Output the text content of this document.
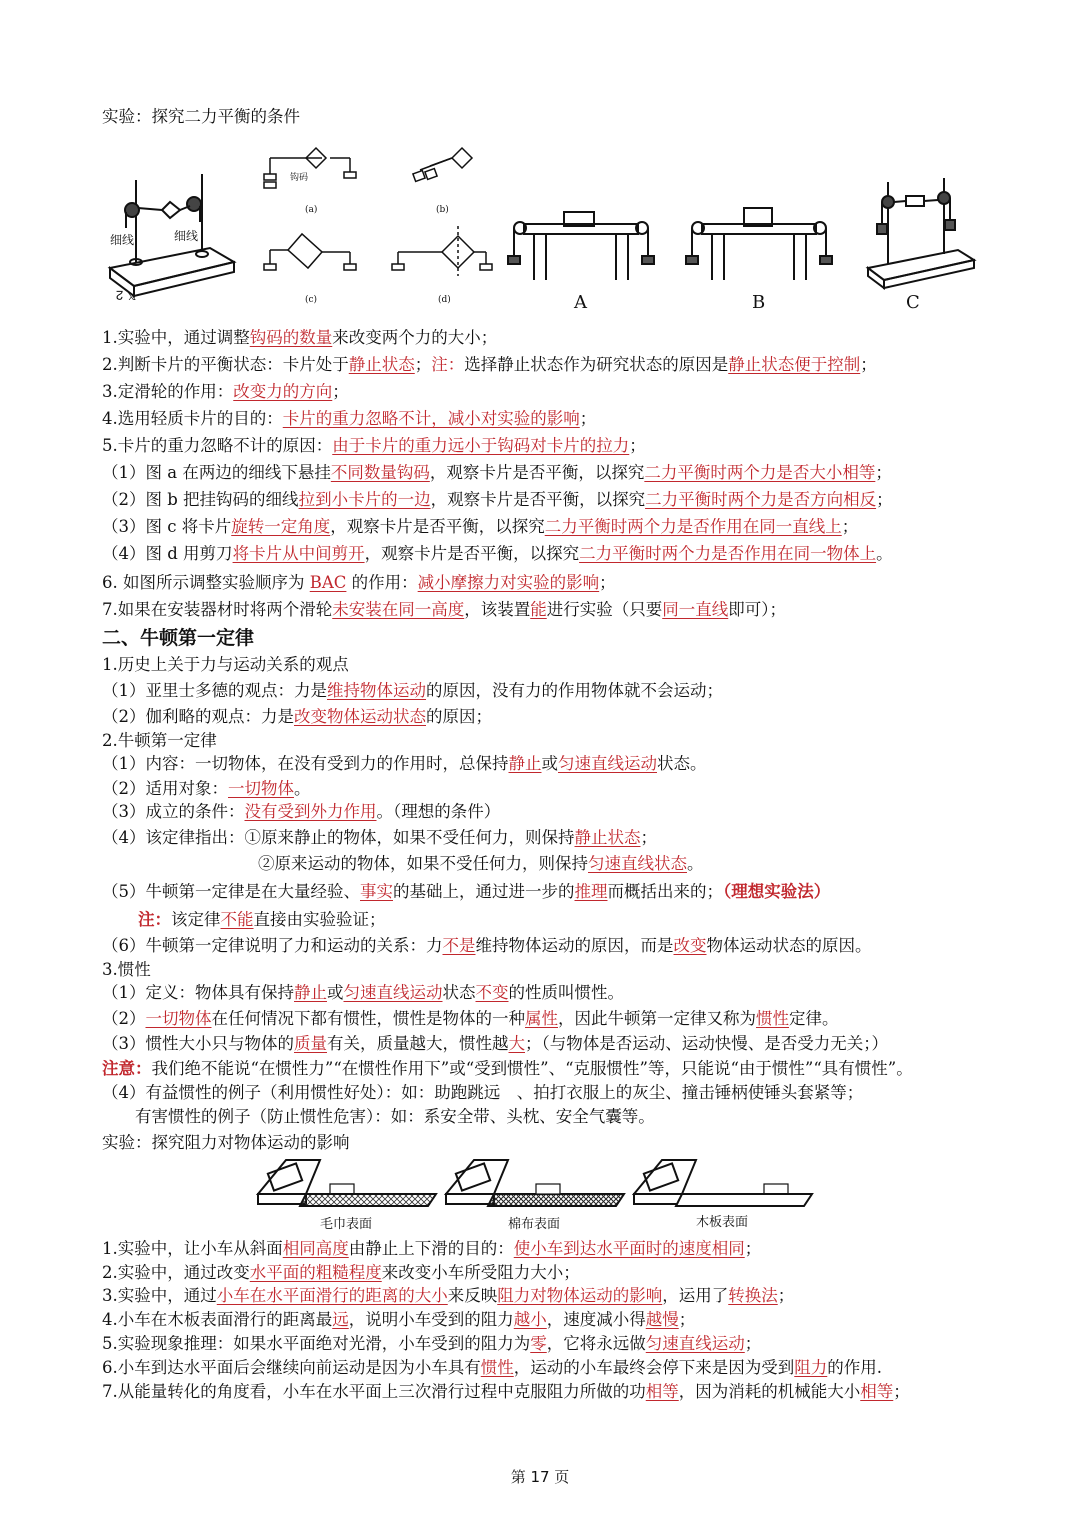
实验：探究二力平衡的条件
细线	细线
↊ 𝕩
钩码
(a)	(b)
(c)	(d)	A	B	C
1.实验中，通过调整钩码的数量来改变两个力的大小；
2.判断卡片的平衡状态：卡片处于静止状态；注：选择静止状态作为研究状态的原因是静止状态便于控制；
3.定滑轮的作用：改变力的方向；
4.选用轻质卡片的目的：卡片的重力忽略不计，减小对实验的影响；
5.卡片的重力忽略不计的原因：由于卡片的重力远小于钩码对卡片的拉力；
（1）图 a 在两边的细线下悬挂不同数量钩码，观察卡片是否平衡，以探究二力平衡时两个力是否大小相等；
（2）图 b 把挂钩码的细线拉到小卡片的一边，观察卡片是否平衡，以探究二力平衡时两个力是否方向相反；
（3）图 c 将卡片旋转一定角度，观察卡片是否平衡，以探究二力平衡时两个力是否作用在同一直线上；
（4）图 d 用剪刀将卡片从中间剪开，观察卡片是否平衡，以探究二力平衡时两个力是否作用在同一物体上。
6. 如图所示调整实验顺序为 BAC 的作用：减小摩擦力对实验的影响；
7.如果在安装器材时将两个滑轮未安装在同一高度，该装置能进行实验（只要同一直线即可）；
二、牛顿第一定律
1.历史上关于力与运动关系的观点
（1）亚里士多德的观点：力是维持物体运动的原因，没有力的作用物体就不会运动；
（2）伽利略的观点：力是改变物体运动状态的原因；
2.牛顿第一定律
（1）内容：一切物体，在没有受到力的作用时，总保持静止或匀速直线运动状态。
（2）适用对象：一切物体。
（3）成立的条件：没有受到外力作用。（理想的条件）
（4）该定律指出：①原来静止的物体，如果不受任何力，则保持静止状态；
②原来运动的物体，如果不受任何力，则保持匀速直线状态。
（5）牛顿第一定律是在大量经验、事实的基础上，通过进一步的推理而概括出来的；（理想实验法）
注：该定律不能直接由实验验证；
（6）牛顿第一定律说明了力和运动的关系：力不是维持物体运动的原因，而是改变物体运动状态的原因。
3.惯性
（1）定义：物体具有保持静止或匀速直线运动状态不变的性质叫惯性。
（2）一切物体在任何情况下都有惯性，惯性是物体的一种属性，因此牛顿第一定律又称为惯性定律。
（3）惯性大小只与物体的质量有关，质量越大，惯性越大；（与物体是否运动、运动快慢、是否受力无关；）
注意：我们绝不能说“在惯性力”“在惯性作用下”或“受到惯性”、“克服惯性”等，只能说“由于惯性”“具有惯性”。
（4）有益惯性的例子（利用惯性好处）：如：助跑跳远　、拍打衣服上的灰尘、撞击锤柄使锤头套紧等；
　　有害惯性的例子（防止惯性危害）：如：系安全带、头枕、安全气囊等。
实验：探究阻力对物体运动的影响
毛巾表面	棉布表面	木板表面
1.实验中，让小车从斜面相同高度由静止上下滑的目的：使小车到达水平面时的速度相同；
2.实验中，通过改变水平面的粗糙程度来改变小车所受阻力大小；
3.实验中，通过小车在水平面滑行的距离的大小来反映阻力对物体运动的影响，运用了转换法；
4.小车在木板表面滑行的距离最远，说明小车受到的阻力越小，速度减小得越慢；
5.实验现象推理：如果水平面绝对光滑，小车受到的阻力为零，它将永远做匀速直线运动；
6.小车到达水平面后会继续向前运动是因为小车具有惯性，运动的小车最终会停下来是因为受到阻力的作用.
7.从能量转化的角度看，小车在水平面上三次滑行过程中克服阻力所做的功相等，因为消耗的机械能大小相等；
第 17 页
